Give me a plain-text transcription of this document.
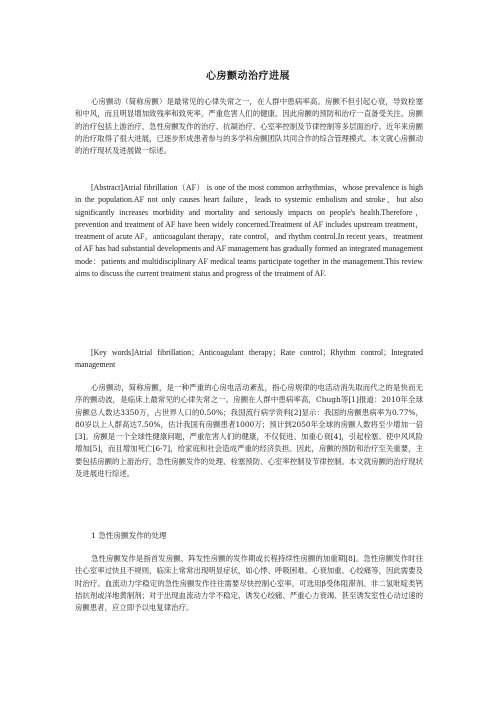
心房颤动治疗进展

心房颤动（简称房颤）是最常见的心律失常之一，在人群中患病率高。房颤不但引起心衰，导致栓塞和中风，而且明显增加致残率和致死率，严重危害人们的健康。因此房颤的预防和治疗一直备受关注。房颤的治疗包括上游治疗、急性房颤发作的治疗、抗凝治疗、心室率控制及节律控制等多层面治疗。近年来房颤的治疗取得了很大进展，已逐步形成患者参与的多学科房颤团队共同合作的综合管理模式。本文就心房颤动的治疗现状及进展做一综述。

[Abstract]Atrial fibrillation（AF） is one of the most common arrhythmias，whose prevalence is high in the population.AF not only causes heart failure，leads to systemic embolism and stroke，but also significantly increases morbidity and mortality and seriously impacts on people's health.Therefore，prevention and treatment of AF have been widely concerned.Treatment of AF includes upstream treatment，treatment of acute AF，anticoagulant therapy，rate control，and rhythm control.In recent years，treatment of AF has had substantial developments and AF management has gradually formed an integrated management mode：patients and multidisciplinary AF medical teams participate together in the management.This review aims to discuss the current treatment status and progress of the treatment of AF.

[Key words]Atrial fibrillation；Anticoagulant therapy；Rate control；Rhythm control；Integrated management

心房颤动，简称房颤，是一种严重的心房电活动紊乱，指心房规律的电活动消失取而代之的是快而无序的颤动波，是临床上最常见的心律失常之一。房颤在人群中患病率高，Chugh等[1]报道：2010年全球房颤总人数达3350万，占世界人口的0.50%；我国流行病学资料[2]显示：我国的房颤患病率为0.77%，80岁以上人群高达7.50%，估计我国有房颤患者1000万；预计到2050年全球的房颤人数将至少增加一倍[3]。房颤是一个全球性健康问题，严重危害人们的健康，不仅促进、加重心衰[4]，引起栓塞、使中风风险增加[5]，而且增加死亡[6-7]，给家庭和社会造成严重的经济负担。因此，房颤的预防和治疗至关重要，主要包括房颤的上游治疗，急性房颤发作的处理、栓塞预防、心室率控制及节律控制。本文就房颤的治疗现状及进展进行综述。

1 急性房颤发作的处理

急性房颤发作是指首发房颤、阵发性房颤的发作期或长程持续性房颤的加重期[8]。急性房颤发作时往往心室率过快且不规则，临床上常常出现明显症状，如心悸、呼吸困难、心衰加重、心绞痛等，因此需要及时治疗。血流动力学稳定的急性房颤发作往往需要尽快控制心室率，可选用β受体阻滞剂、非二氢吡啶类钙拮抗剂或洋地黄制剂；对于出现血流动力学不稳定、诱发心绞痛、严重心力衰竭、甚至诱发室性心动过速的房颤患者，应立即予以电复律治疗。
